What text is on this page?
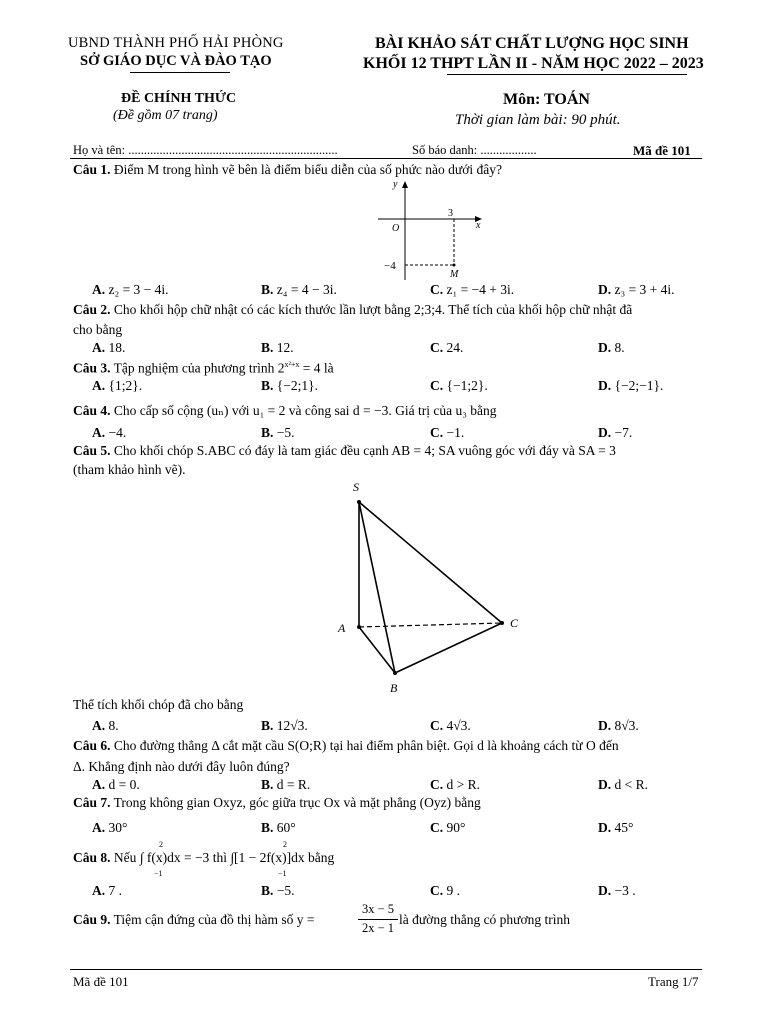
UBND THÀNH PHỐ HẢI PHÒNG
SỞ GIÁO DỤC VÀ ĐÀO TẠO
BÀI KHẢO SÁT CHẤT LƯỢNG HỌC SINH
KHỐI 12 THPT LẦN II - NĂM HỌC 2022 – 2023
ĐỀ CHÍNH THỨC
(Đề gồm 07 trang)
Môn: TOÁN
Thời gian làm bài: 90 phút.
Họ và tên: ...................................................................	Số báo danh: ..................	Mã đề 101
Câu 1. Điểm M trong hình vẽ bên là điểm biểu diễn của số phức nào dưới đây?
y
x
O
3
−4
M
A. z₂ = 3 − 4i.	B. z₄ = 4 − 3i.	C. z₁ = −4 + 3i.	D. z₃ = 3 + 4i.
Câu 2. Cho khối hộp chữ nhật có các kích thước lần lượt bằng 2;3;4. Thể tích của khối hộp chữ nhật đã
cho bằng
A. 18.	B. 12.	C. 24.	D. 8.
Câu 3. Tập nghiệm của phương trình $2^{x^2+x} = 4$ là
A. {1;2}.	B. {−2;1}.	C. {−1;2}.	D. {−2;−1}.
Câu 4. Cho cấp số cộng (uₙ) với u₁ = 2 và công sai d = −3. Giá trị của u₃ bằng
A. −4.	B. −5.	C. −1.	D. −7.
Câu 5. Cho khối chóp S.ABC có đáy là tam giác đều cạnh AB = 4; SA vuông góc với đáy và SA = 3
(tham khảo hình vẽ).
S
A
B
C
Thể tích khối chóp đã cho bằng
A. 8.	B. 12√3.	C. 4√3.	D. 8√3.
Câu 6. Cho đường thẳng Δ cắt mặt cầu S(O;R) tại hai điểm phân biệt. Gọi d là khoảng cách từ O đến
Δ. Khẳng định nào dưới đây luôn đúng?
A. d = 0.	B. d = R.	C. d > R.	D. d < R.
Câu 7. Trong không gian Oxyz, góc giữa trục Ox và mặt phẳng (Oyz) bằng
A. 30°	B. 60°	C. 90°	D. 45°
Câu 8. Nếu ∫ f(x)dx = −3 thì ∫[1 − 2f(x)]dx bằng
2
−1
2
−1
A. 7 .	B. −5.	C. 9 .	D. −3 .
Câu 9. Tiệm cận đứng của đồ thị hàm số y =
3x − 5
2x − 1
là đường thẳng có phương trình
Mã đề 101	Trang 1/7
